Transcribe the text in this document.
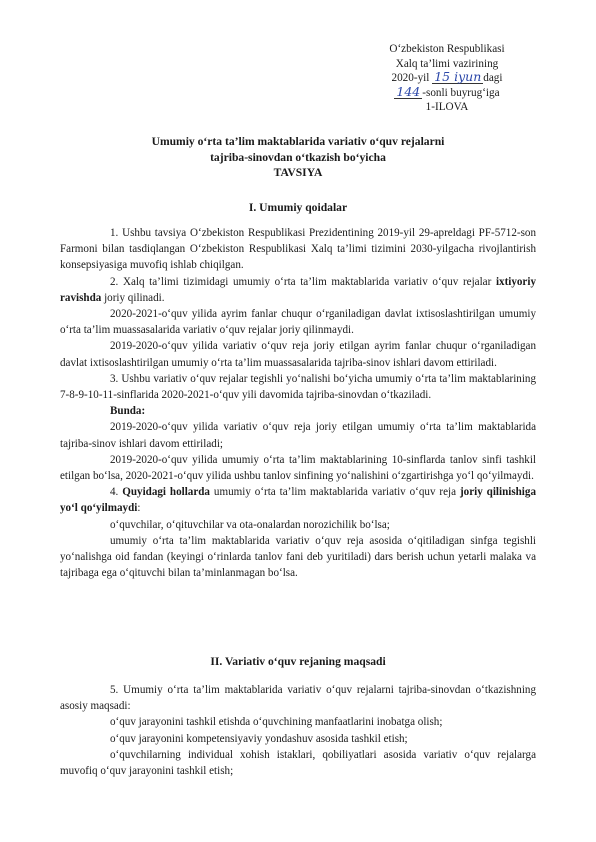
O‘zbekiston Respublikasi
Xalq ta’limi vazirining
2020-yil 15 iyun dagi
144 -sonli buyrug‘iga
1-ILOVA
Umumiy o‘rta ta’lim maktablarida variativ o‘quv rejalarni
tajriba-sinovdan o‘tkazish bo‘yicha
TAVSIYA
I. Umumiy qoidalar

1. Ushbu tavsiya O‘zbekiston Respublikasi Prezidentining 2019-yil 29-apreldagi PF-5712-son Farmoni bilan tasdiqlangan O‘zbekiston Respublikasi Xalq ta’limi tizimini 2030-yilgacha rivojlantirish konsepsiyasiga muvofiq ishlab chiqilgan.

2. Xalq ta’limi tizimidagi umumiy o‘rta ta’lim maktablarida variativ o‘quv rejalar ixtiyoriy ravishda joriy qilinadi.

2020-2021-o‘quv yilida ayrim fanlar chuqur o‘rganiladigan davlat ixtisoslashtirilgan umumiy o‘rta ta’lim muassasalarida variativ o‘quv rejalar joriy qilinmaydi.

2019-2020-o‘quv yilida variativ o‘quv reja joriy etilgan ayrim fanlar chuqur o‘rganiladigan davlat ixtisoslashtirilgan umumiy o‘rta ta’lim muassasalarida tajriba-sinov ishlari davom ettiriladi.

3. Ushbu variativ o‘quv rejalar tegishli yo‘nalishi bo‘yicha umumiy o‘rta ta’lim maktablarining 7-8-9-10-11-sinflarida 2020-2021-o‘quv yili davomida tajriba-sinovdan o‘tkaziladi.

Bunda:

2019-2020-o‘quv yilida variativ o‘quv reja joriy etilgan umumiy o‘rta ta’lim maktablarida tajriba-sinov ishlari davom ettiriladi;

2019-2020-o‘quv yilida umumiy o‘rta ta’lim maktablarining 10-sinflarda tanlov sinfi tashkil etilgan bo‘lsa, 2020-2021-o‘quv yilida ushbu tanlov sinfining yo‘nalishini o‘zgartirishga yo‘l qo‘yilmaydi.

4. Quyidagi hollarda umumiy o‘rta ta’lim maktablarida variativ o‘quv reja joriy qilinishiga yo‘l qo‘yilmaydi:

o‘quvchilar, o‘qituvchilar va ota-onalardan norozichilik bo‘lsa;

umumiy o‘rta ta’lim maktablarida variativ o‘quv reja asosida o‘qitiladigan sinfga tegishli yo‘nalishga oid fandan (keyingi o‘rinlarda tanlov fani deb yuritiladi) dars berish uchun yetarli malaka va tajribaga ega o‘qituvchi bilan ta’minlanmagan bo‘lsa.

II. Variativ o‘quv rejaning maqsadi

5. Umumiy o‘rta ta’lim maktablarida variativ o‘quv rejalarni tajriba-sinovdan o‘tkazishning asosiy maqsadi:

o‘quv jarayonini tashkil etishda o‘quvchining manfaatlarini inobatga olish;

o‘quv jarayonini kompetensiyaviy yondashuv asosida tashkil etish;

o‘quvchilarning individual xohish istaklari, qobiliyatlari asosida variativ o‘quv rejalarga muvofiq o‘quv jarayonini tashkil etish;
